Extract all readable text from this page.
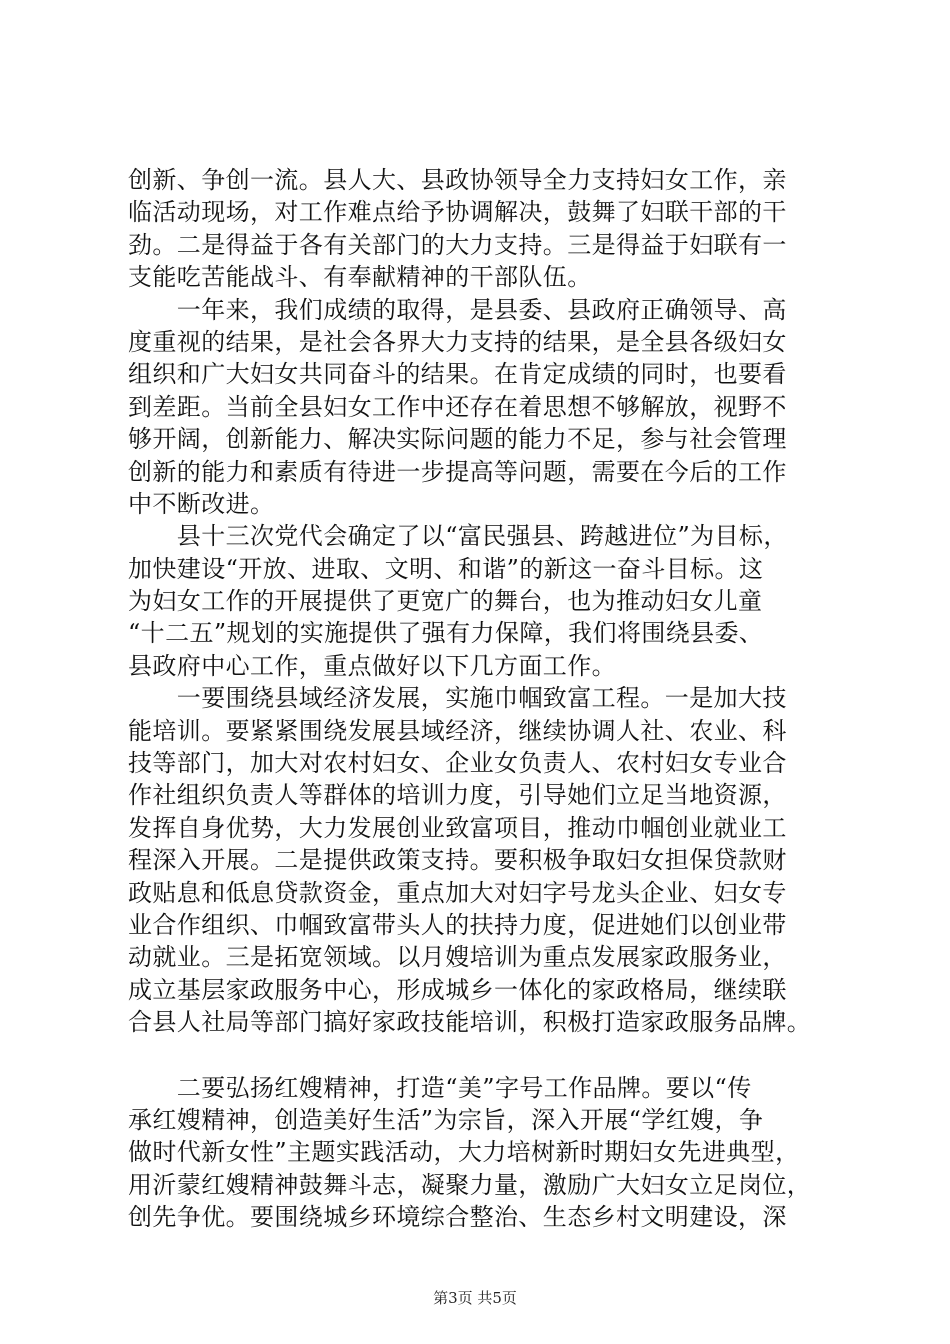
创新、争创一流。县人大、县政协领导全力支持妇女工作，亲
临活动现场，对工作难点给予协调解决，鼓舞了妇联干部的干
劲。二是得益于各有关部门的大力支持。三是得益于妇联有一
支能吃苦能战斗、有奉献精神的干部队伍。
　　一年来，我们成绩的取得，是县委、县政府正确领导、高
度重视的结果，是社会各界大力支持的结果，是全县各级妇女
组织和广大妇女共同奋斗的结果。在肯定成绩的同时，也要看
到差距。当前全县妇女工作中还存在着思想不够解放，视野不
够开阔，创新能力、解决实际问题的能力不足，参与社会管理
创新的能力和素质有待进一步提高等问题，需要在今后的工作
中不断改进。
　　县十三次党代会确定了以“富民强县、跨越进位”为目标，
加快建设“开放、进取、文明、和谐”的新这一奋斗目标。这
为妇女工作的开展提供了更宽广的舞台，也为推动妇女儿童
“十二五”规划的实施提供了强有力保障，我们将围绕县委、
县政府中心工作，重点做好以下几方面工作。
　　一要围绕县域经济发展，实施巾帼致富工程。一是加大技
能培训。要紧紧围绕发展县域经济，继续协调人社、农业、科
技等部门，加大对农村妇女、企业女负责人、农村妇女专业合
作社组织负责人等群体的培训力度，引导她们立足当地资源，
发挥自身优势，大力发展创业致富项目，推动巾帼创业就业工
程深入开展。二是提供政策支持。要积极争取妇女担保贷款财
政贴息和低息贷款资金，重点加大对妇字号龙头企业、妇女专
业合作组织、巾帼致富带头人的扶持力度，促进她们以创业带
动就业。三是拓宽领域。以月嫂培训为重点发展家政服务业，
成立基层家政服务中心，形成城乡一体化的家政格局，继续联
合县人社局等部门搞好家政技能培训，积极打造家政服务品牌。
　　二要弘扬红嫂精神，打造“美”字号工作品牌。要以“传
承红嫂精神，创造美好生活”为宗旨，深入开展“学红嫂，争
做时代新女性”主题实践活动，大力培树新时期妇女先进典型，
用沂蒙红嫂精神鼓舞斗志，凝聚力量，激励广大妇女立足岗位，
创先争优。要围绕城乡环境综合整治、生态乡村文明建设，深
第3页 共5页
